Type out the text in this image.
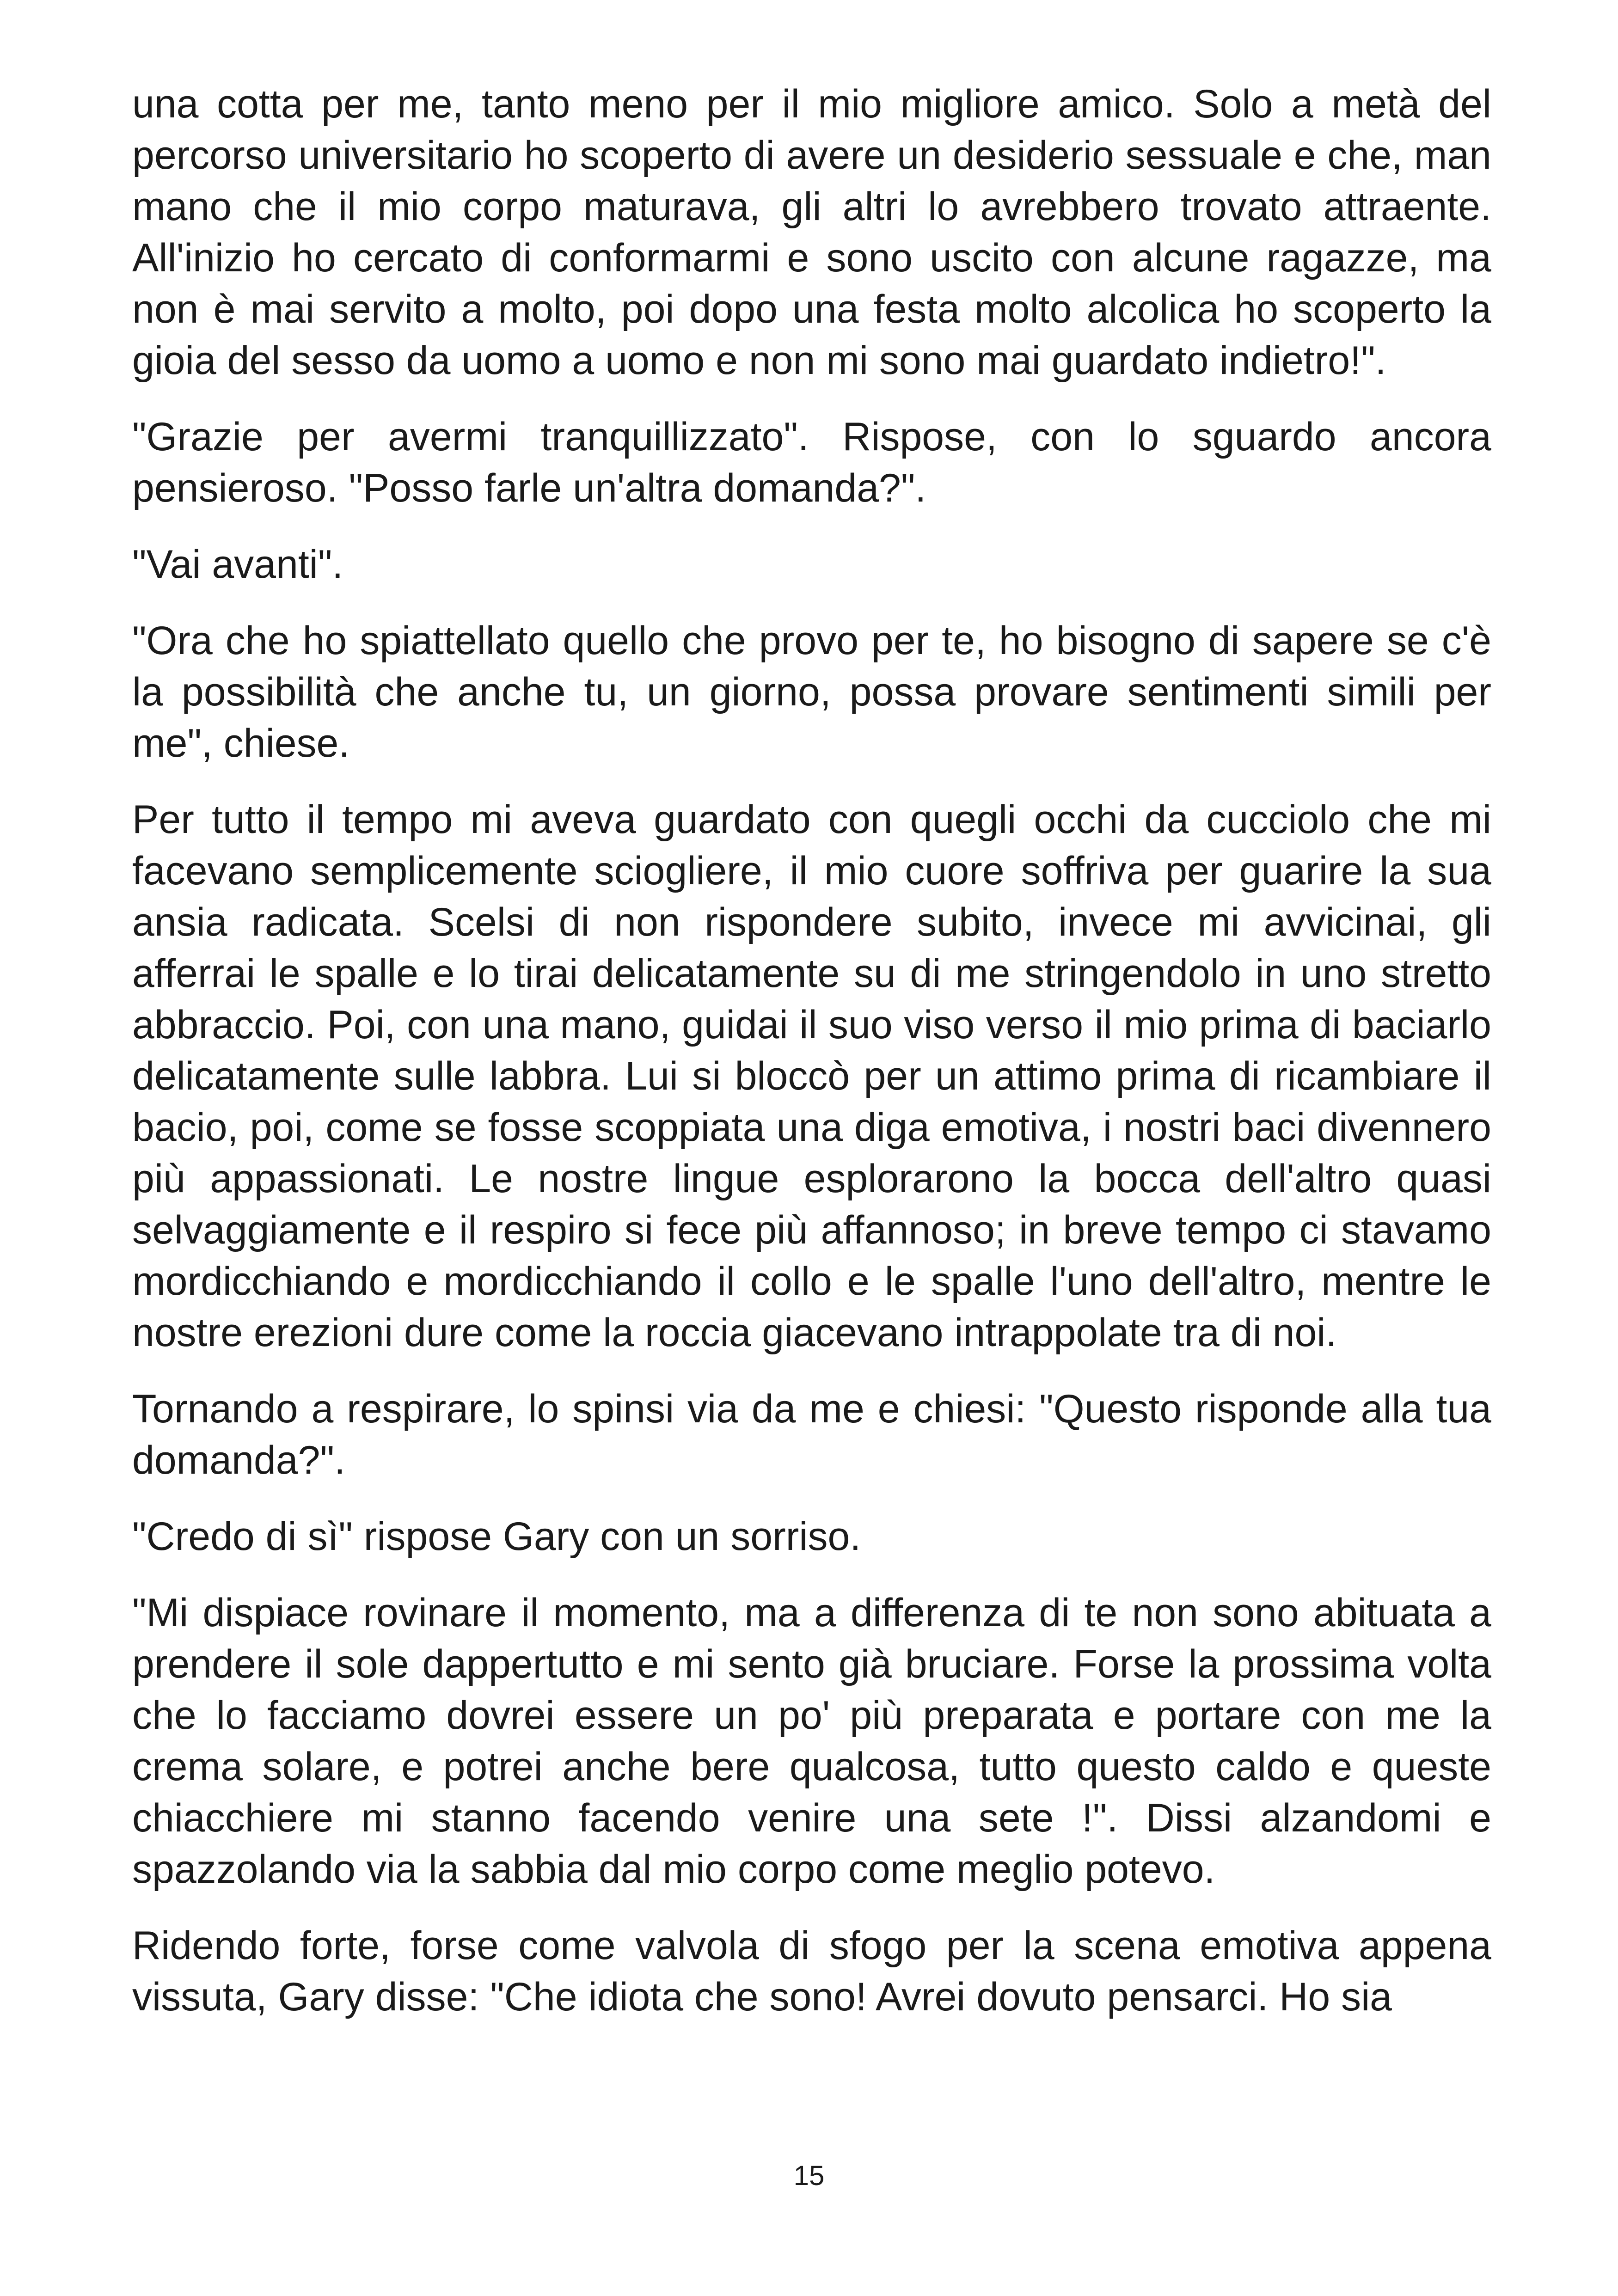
una cotta per me, tanto meno per il mio migliore amico. Solo a metà del percorso universitario ho scoperto di avere un desiderio sessuale e che, man mano che il mio corpo maturava, gli altri lo avrebbero trovato attraente. All'inizio ho cercato di conformarmi e sono uscito con alcune ragazze, ma non è mai servito a molto, poi dopo una festa molto alcolica ho scoperto la gioia del sesso da uomo a uomo e non mi sono mai guardato indietro!".

"Grazie per avermi tranquillizzato". Rispose, con lo sguardo ancora pensieroso. "Posso farle un'altra domanda?".

"Vai avanti".

"Ora che ho spiattellato quello che provo per te, ho bisogno di sapere se c'è la possibilità che anche tu, un giorno, possa provare sentimenti simili per me", chiese.

Per tutto il tempo mi aveva guardato con quegli occhi da cucciolo che mi facevano semplicemente sciogliere, il mio cuore soffriva per guarire la sua ansia radicata. Scelsi di non rispondere subito, invece mi avvicinai, gli afferrai le spalle e lo tirai delicatamente su di me stringendolo in uno stretto abbraccio. Poi, con una mano, guidai il suo viso verso il mio prima di baciarlo delicatamente sulle labbra. Lui si bloccò per un attimo prima di ricambiare il bacio, poi, come se fosse scoppiata una diga emotiva, i nostri baci divennero più appassionati. Le nostre lingue esplorarono la bocca dell'altro quasi selvaggiamente e il respiro si fece più affannoso; in breve tempo ci stavamo mordicchiando e mordicchiando il collo e le spalle l'uno dell'altro, mentre le nostre erezioni dure come la roccia giacevano intrappolate tra di noi.

Tornando a respirare, lo spinsi via da me e chiesi: "Questo risponde alla tua domanda?".

"Credo di sì" rispose Gary con un sorriso.

"Mi dispiace rovinare il momento, ma a differenza di te non sono abituata a prendere il sole dappertutto e mi sento già bruciare. Forse la prossima volta che lo facciamo dovrei essere un po' più preparata e portare con me la crema solare, e potrei anche bere qualcosa, tutto questo caldo e queste chiacchiere mi stanno facendo venire una sete !". Dissi alzandomi e spazzolando via la sabbia dal mio corpo come meglio potevo.

Ridendo forte, forse come valvola di sfogo per la scena emotiva appena vissuta, Gary disse: "Che idiota che sono! Avrei dovuto pensarci. Ho sia

15
